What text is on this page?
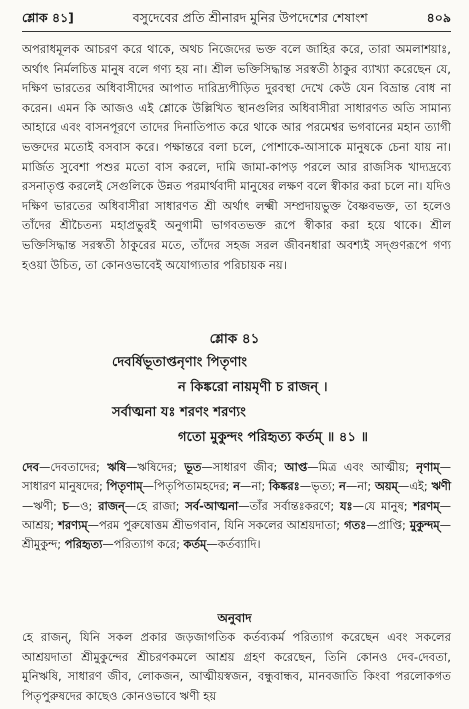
শ্লোক ৪১]	বসুদেবের প্রতি শ্রীনারদ মুনির উপদেশের শেষাংশ	৪০৯
অপরাধমূলক আচরণ করে থাকে, অথচ নিজেদের ভক্ত বলে জাহির করে, তারা অমলাশয়াঃ, অর্থাৎ নির্মলচিত্ত মানুষ বলে গণ্য হয় না। শ্রীল ভক্তিসিদ্ধান্ত সরস্বতী ঠাকুর ব্যাখ্যা করেছেন যে, দক্ষিণ ভারতের অধিবাসীদের আপাত দারিদ্র্যপীড়িত দুরবস্থা দেখে কেউ যেন বিভ্রান্ত বোধ না করেন। এমন কি আজও এই শ্লোকে উল্লিখিত স্থানগুলির অধিবাসীরা সাধারণত অতি সামান্য আহারে এবং বাসনপূরণে তাদের দিনাতিপাত করে থাকে আর পরমেশ্বর ভগবানের মহান ত্যাগী ভক্তদের মতোই বসবাস করে। পক্ষান্তরে বলা চলে, পোশাকে-আসাকে মানুষকে চেনা যায় না। মার্জিত সুবেশা পশুর মতো বাস করলে, দামি জামা-কাপড় পরলে আর রাজসিক খাদ্যদ্রব্যে রসনাতৃপ্ত করলেই সেগুলিকে উন্নত পরমার্থবাদী মানুষের লক্ষণ বলে স্বীকার করা চলে না। যদিও দক্ষিণ ভারতের অধিবাসীরা সাধারণত শ্রী অর্থাৎ লক্ষ্মী সম্প্রদায়ভুক্ত বৈষ্ণবভক্ত, তা হলেও তাঁদের শ্রীচৈতন্য মহাপ্রভুরই অনুগামী ভাগবতভক্ত রূপে স্বীকার করা হয়ে থাকে। শ্রীল ভক্তিসিদ্ধান্ত সরস্বতী ঠাকুরের মতে, তাঁদের সহজ সরল জীবনধারা অবশ্যই সদ্‌গুণরূপে গণ্য হওয়া উচিত, তা কোনওভাবেই অযোগ্যতার পরিচায়ক নয়।
শ্লোক ৪১
দেবর্ষিভূতাপ্তনৃণাং পিতৃণাং
ন কিঙ্করো নায়মৃণী চ রাজন্ ।
সর্বাত্মনা যঃ শরণং শরণ্যং
গতো মুকুন্দং পরিহৃত্য কর্তম্ ॥ ৪১ ॥
দেব—দেবতাদের; ঋষি—ঋষিদের; ভূত—সাধারণ জীব; আপ্ত—মিত্র এবং আত্মীয়; নৃণাম্—সাধারণ মানুষদের; পিতৃণাম্—পিতৃপিতামহদের; ন—না; কিঙ্করঃ—ভৃত্য; ন—না; অয়ম্—এই; ঋণী—ঋণী; চ—ও; রাজন্—হে রাজা; সর্ব-আত্মনা—তাঁর সর্বান্তঃকরণে; যঃ—যে মানুষ; শরণম্—আশ্রয়; শরণ্যম্—পরম পুরুষোত্তম শ্রীভগবান, যিনি সকলের আশ্রয়দাতা; গতঃ—প্রাপ্তি; মুকুন্দম্—শ্রীমুকুন্দ; পরিহৃত্য—পরিত্যাগ করে; কর্তম্—কর্তব্যাদি।
অনুবাদ
হে রাজন্, যিনি সকল প্রকার জড়জাগতিক কর্তব্যকর্ম পরিত্যাগ করেছেন এবং সকলের আশ্রয়দাতা শ্রীমুকুন্দের শ্রীচরণকমলে আশ্রয় গ্রহণ করেছেন, তিনি কোনও দেব-দেবতা, মুনিঋষি, সাধারণ জীব, লোকজন, আত্মীয়স্বজন, বন্ধুবান্ধব, মানবজাতি কিংবা পরলোকগত পিতৃপুরুষদের কাছেও কোনওভাবে ঋণী হয়
